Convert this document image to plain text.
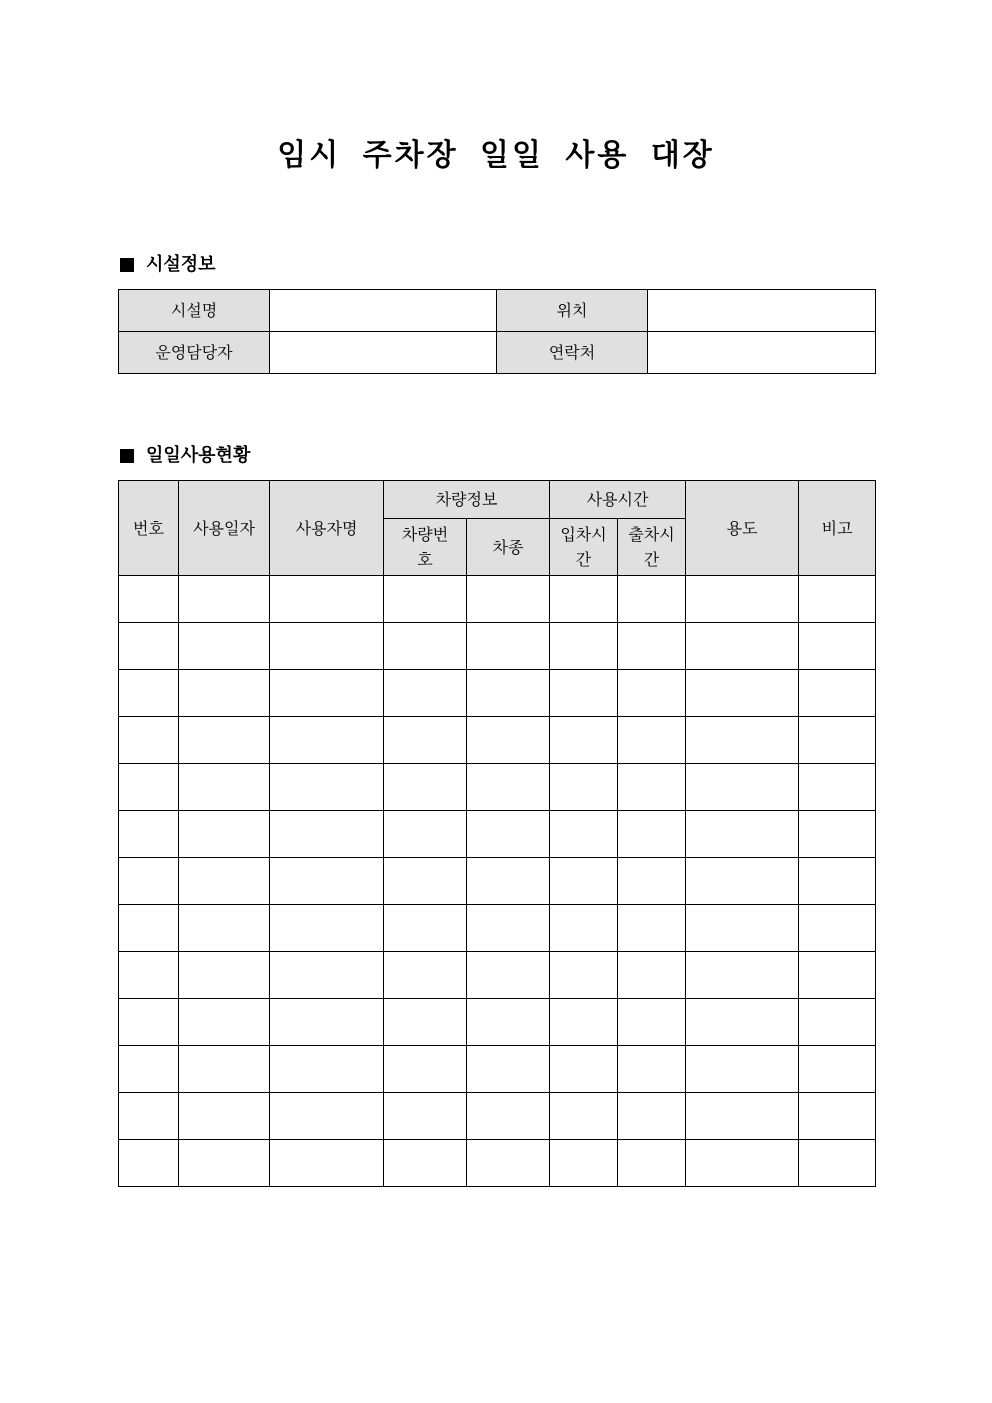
임시 주차장 일일 사용 대장
시설정보
시설명		위치	
운영담당자		연락처	
일일사용현황
번호	사용일자	사용자명	차량정보		사용시간		용도	비고
			차량번호	차종	입차시간	출차시간		
